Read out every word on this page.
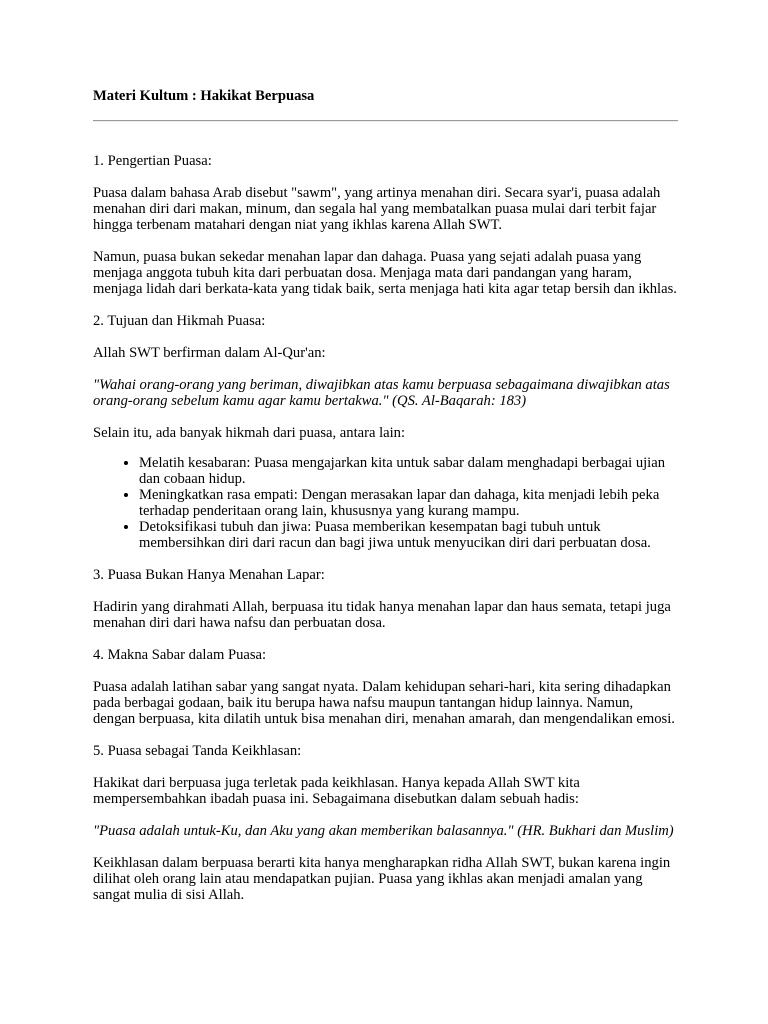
Materi Kultum : Hakikat Berpuasa

1. Pengertian Puasa:

Puasa dalam bahasa Arab disebut "sawm", yang artinya menahan diri. Secara syar'i, puasa adalah menahan diri dari makan, minum, dan segala hal yang membatalkan puasa mulai dari terbit fajar hingga terbenam matahari dengan niat yang ikhlas karena Allah SWT.

Namun, puasa bukan sekedar menahan lapar dan dahaga. Puasa yang sejati adalah puasa yang menjaga anggota tubuh kita dari perbuatan dosa. Menjaga mata dari pandangan yang haram, menjaga lidah dari berkata-kata yang tidak baik, serta menjaga hati kita agar tetap bersih dan ikhlas.

2. Tujuan dan Hikmah Puasa:

Allah SWT berfirman dalam Al-Qur'an:

"Wahai orang-orang yang beriman, diwajibkan atas kamu berpuasa sebagaimana diwajibkan atas orang-orang sebelum kamu agar kamu bertakwa." (QS. Al-Baqarah: 183)

Selain itu, ada banyak hikmah dari puasa, antara lain:

• Melatih kesabaran: Puasa mengajarkan kita untuk sabar dalam menghadapi berbagai ujian dan cobaan hidup.
• Meningkatkan rasa empati: Dengan merasakan lapar dan dahaga, kita menjadi lebih peka terhadap penderitaan orang lain, khususnya yang kurang mampu.
• Detoksifikasi tubuh dan jiwa: Puasa memberikan kesempatan bagi tubuh untuk membersihkan diri dari racun dan bagi jiwa untuk menyucikan diri dari perbuatan dosa.

3. Puasa Bukan Hanya Menahan Lapar:

Hadirin yang dirahmati Allah, berpuasa itu tidak hanya menahan lapar dan haus semata, tetapi juga menahan diri dari hawa nafsu dan perbuatan dosa.

4. Makna Sabar dalam Puasa:

Puasa adalah latihan sabar yang sangat nyata. Dalam kehidupan sehari-hari, kita sering dihadapkan pada berbagai godaan, baik itu berupa hawa nafsu maupun tantangan hidup lainnya. Namun, dengan berpuasa, kita dilatih untuk bisa menahan diri, menahan amarah, dan mengendalikan emosi.

5. Puasa sebagai Tanda Keikhlasan:

Hakikat dari berpuasa juga terletak pada keikhlasan. Hanya kepada Allah SWT kita mempersembahkan ibadah puasa ini. Sebagaimana disebutkan dalam sebuah hadis:

"Puasa adalah untuk-Ku, dan Aku yang akan memberikan balasannya." (HR. Bukhari dan Muslim)

Keikhlasan dalam berpuasa berarti kita hanya mengharapkan ridha Allah SWT, bukan karena ingin dilihat oleh orang lain atau mendapatkan pujian. Puasa yang ikhlas akan menjadi amalan yang sangat mulia di sisi Allah.
